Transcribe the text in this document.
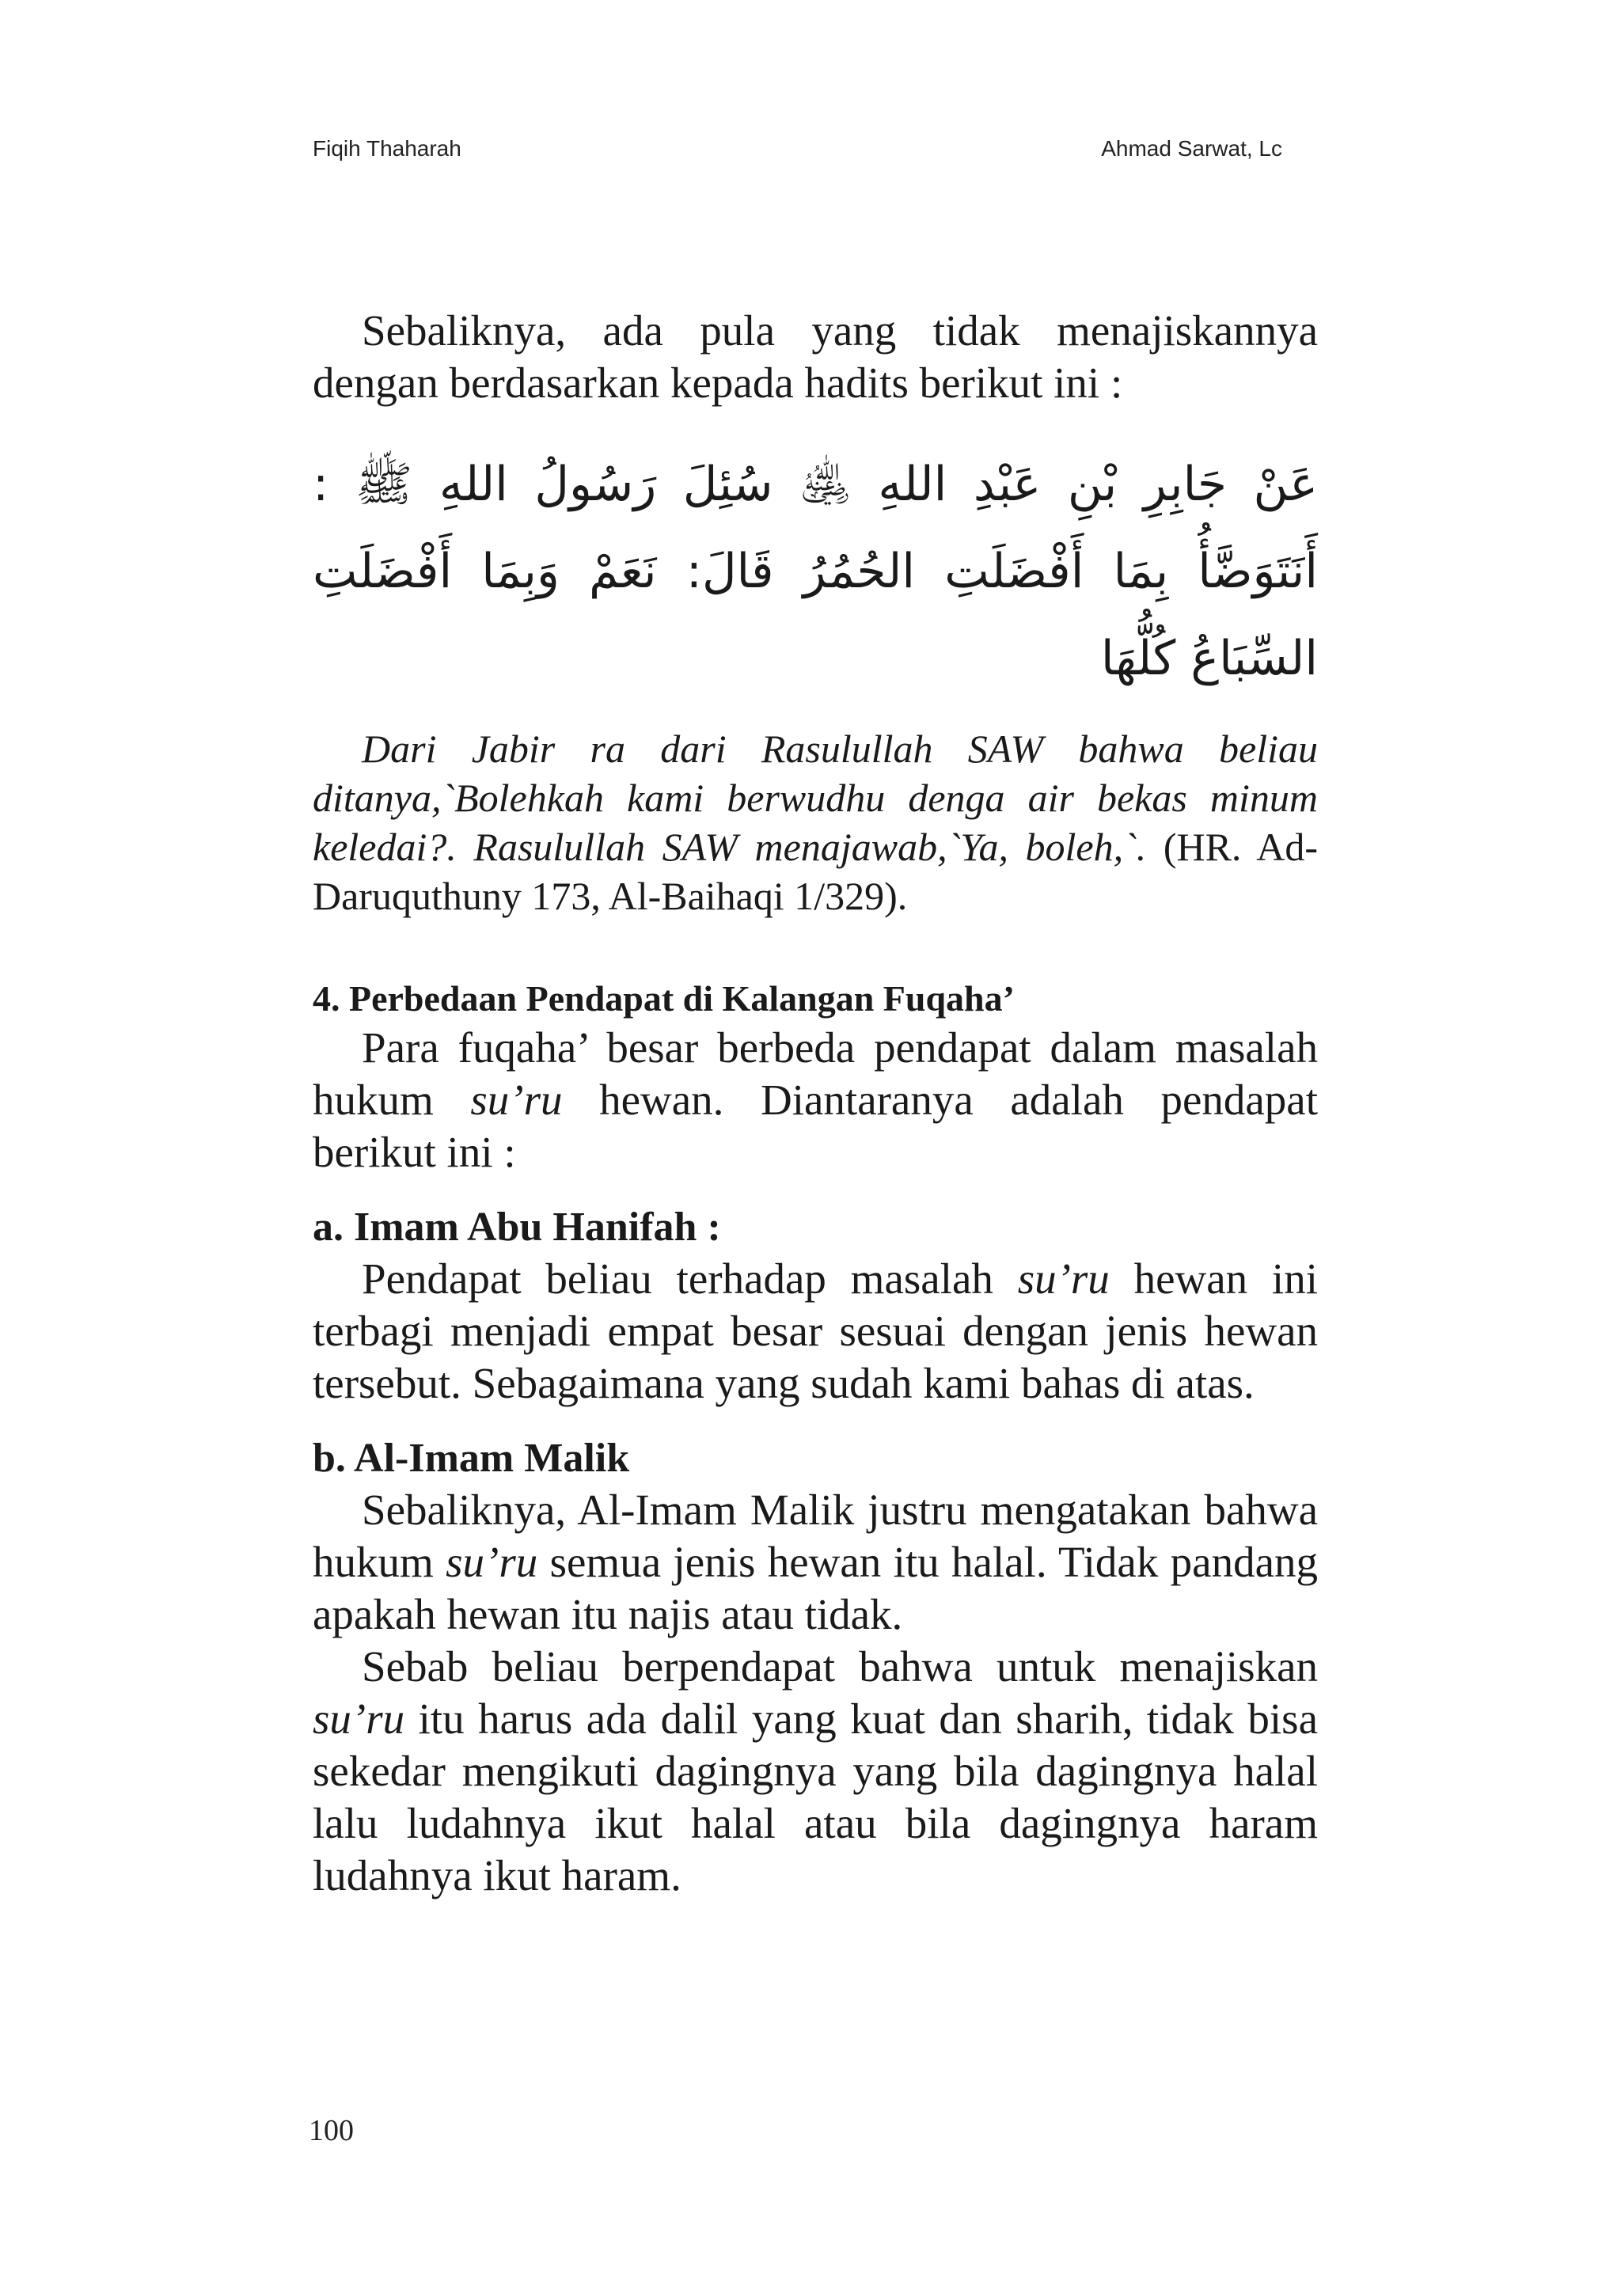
Fiqih Thaharah	Ahmad Sarwat, Lc

Sebaliknya, ada pula yang tidak menajiskannya dengan berdasarkan kepada hadits berikut ini :

عَنْ جَابِرِ بْنِ عَبْدِ اللهِ ﵁ سُئِلَ رَسُولُ اللهِ ﷺ : أَنَتَوَضَّأُ بِمَا أَفْضَلَتِ الحُمُرُ قَالَ: نَعَمْ وَبِمَا أَفْضَلَتِ السِّبَاعُ كُلُّهَا

Dari Jabir ra dari Rasulullah SAW bahwa beliau ditanya,`Bolehkah kami berwudhu denga air bekas minum keledai?. Rasulullah SAW menajawab,`Ya, boleh,`. (HR. Ad-Daruquthuny 173, Al-Baihaqi 1/329).

4. Perbedaan Pendapat di Kalangan Fuqaha’

Para fuqaha’ besar berbeda pendapat dalam masalah hukum su’ru hewan. Diantaranya adalah pendapat berikut ini :

a. Imam Abu Hanifah :

Pendapat beliau terhadap masalah su’ru hewan ini terbagi menjadi empat besar sesuai dengan jenis hewan tersebut. Sebagaimana yang sudah kami bahas di atas.

b. Al-Imam Malik

Sebaliknya, Al-Imam Malik justru mengatakan bahwa hukum su’ru semua jenis hewan itu halal. Tidak pandang apakah hewan itu najis atau tidak.

Sebab beliau berpendapat bahwa untuk menajiskan su’ru itu harus ada dalil yang kuat dan sharih, tidak bisa sekedar mengikuti dagingnya yang bila dagingnya halal lalu ludahnya ikut halal atau bila dagingnya haram ludahnya ikut haram.

100
